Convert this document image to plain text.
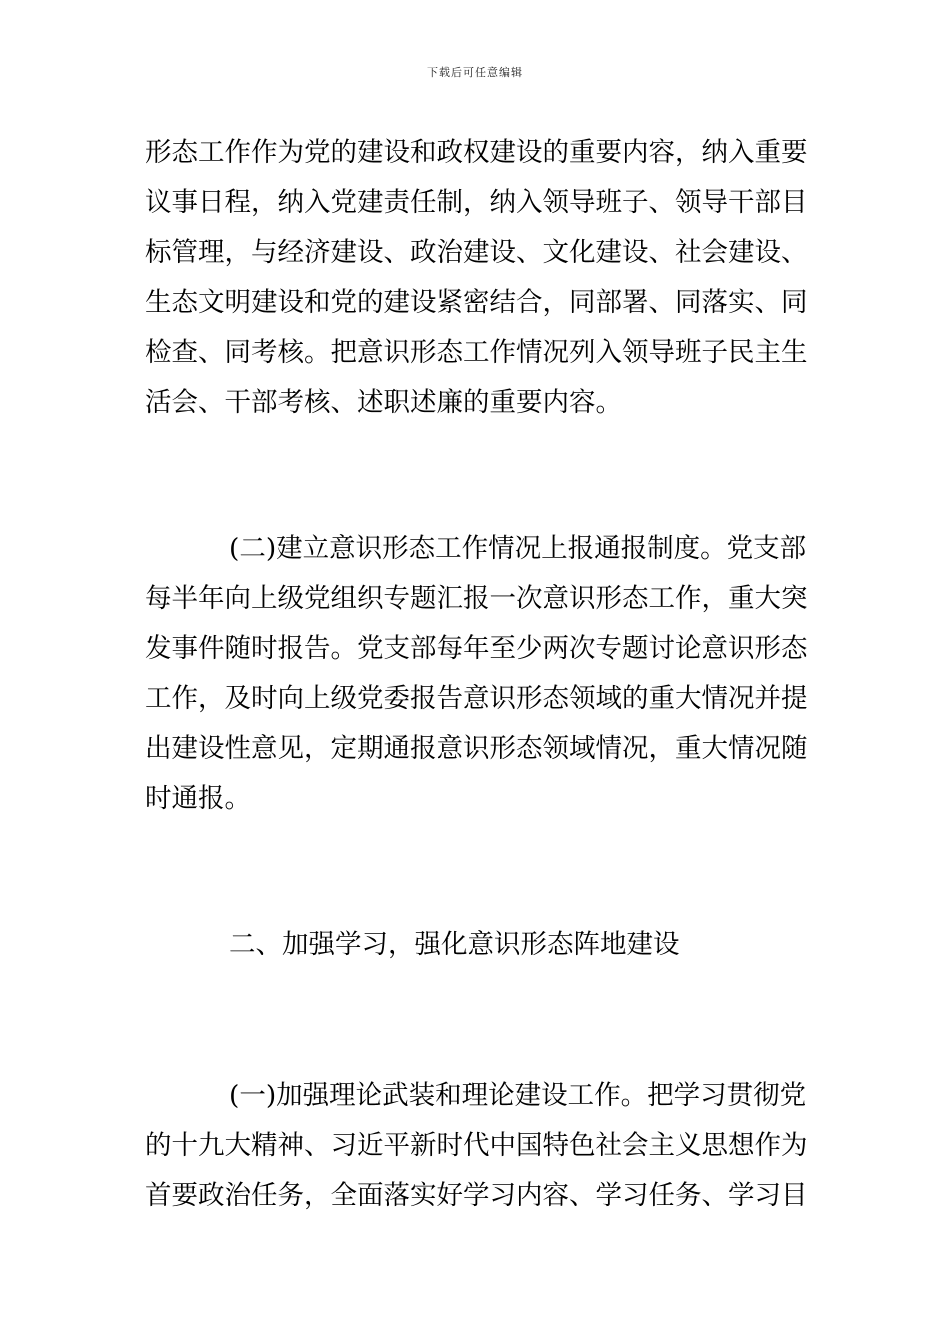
下载后可任意编辑
形态工作作为党的建设和政权建设的重要内容，纳入重要
议事日程，纳入党建责任制，纳入领导班子、领导干部目
标管理，与经济建设、政治建设、文化建设、社会建设、
生态文明建设和党的建设紧密结合，同部署、同落实、同
检查、同考核。把意识形态工作情况列入领导班子民主生
活会、干部考核、述职述廉的重要内容。
(二)建立意识形态工作情况上报通报制度。党支部
每半年向上级党组织专题汇报一次意识形态工作，重大突
发事件随时报告。党支部每年至少两次专题讨论意识形态
工作，及时向上级党委报告意识形态领域的重大情况并提
出建设性意见，定期通报意识形态领域情况，重大情况随
时通报。
二、加强学习，强化意识形态阵地建设
(一)加强理论武装和理论建设工作。把学习贯彻党
的十九大精神、习近平新时代中国特色社会主义思想作为
首要政治任务，全面落实好学习内容、学习任务、学习目
